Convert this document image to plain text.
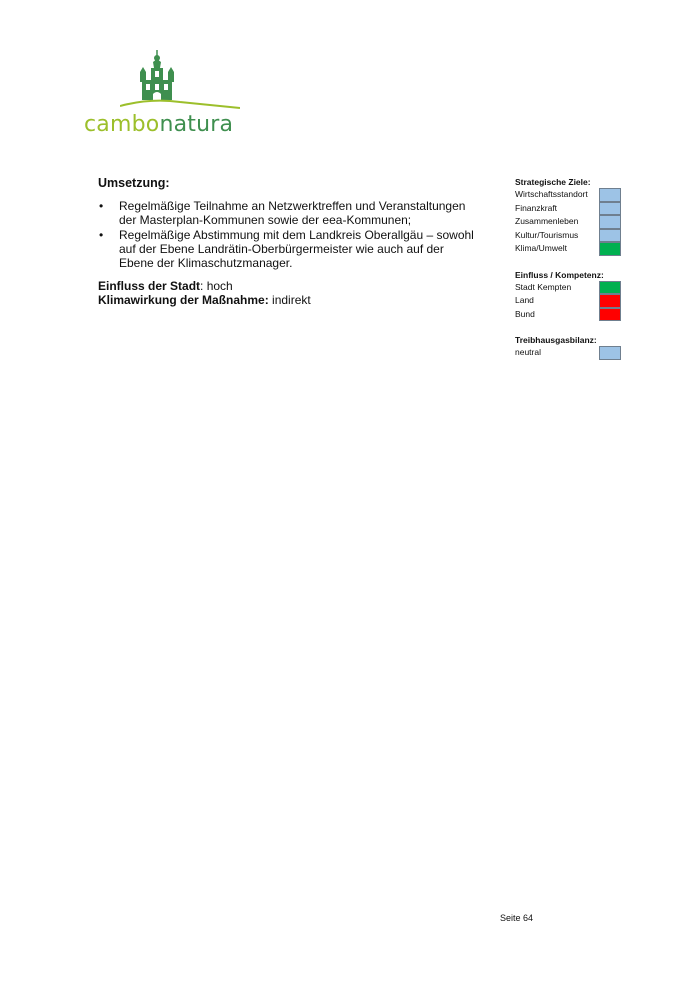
cambonatura
Umsetzung:
• Regelmäßige Teilnahme an Netzwerktreffen und Veranstaltungen der Masterplan-Kommunen sowie der eea-Kommunen;
• Regelmäßige Abstimmung mit dem Landkreis Oberallgäu – sowohl auf der Ebene Landrätin-Oberbürgermeister wie auch auf der Ebene der Klimaschutzmanager.
Einfluss der Stadt: hoch
Klimawirkung der Maßnahme: indirekt
Strategische Ziele:
Wirtschaftsstandort
Finanzkraft
Zusammenleben
Kultur/Tourismus
Klima/Umwelt
Einfluss / Kompetenz:
Stadt Kempten
Land
Bund
Treibhausgasbilanz:
neutral
Seite 64
